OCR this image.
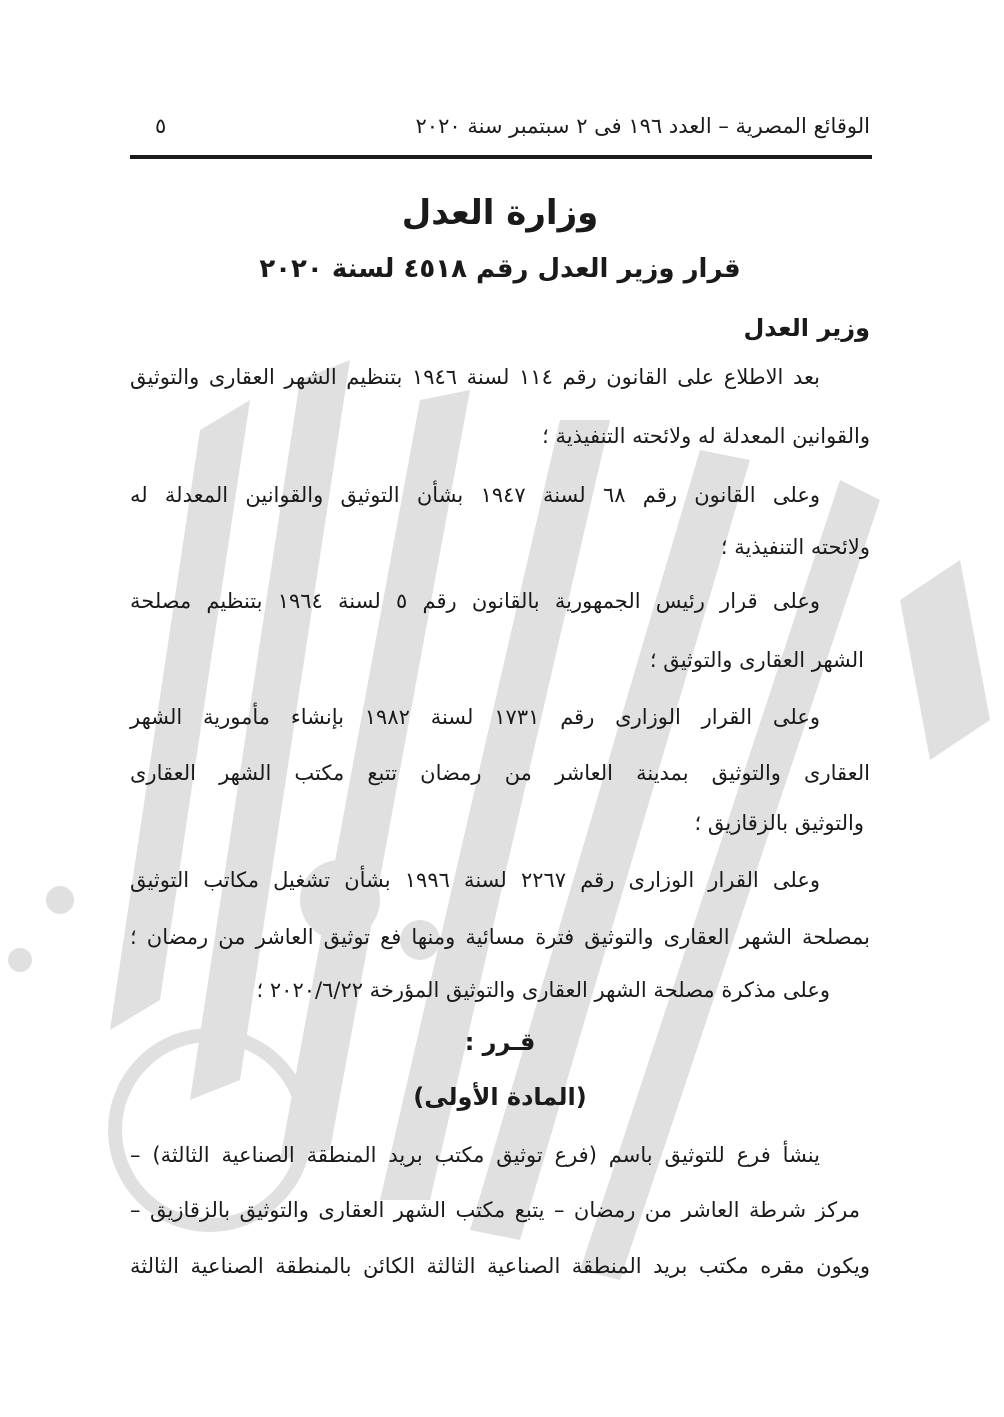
الوقائع المصرية – العدد ١٩٦ فى ٢ سبتمبر سنة ٢٠٢٠
٥
وزارة العدل
قرار وزير العدل رقم ٤٥١٨ لسنة ٢٠٢٠
وزير العدل
بعد الاطلاع على القانون رقم ١١٤ لسنة ١٩٤٦ بتنظيم الشهر العقارى والتوثيق
والقوانين المعدلة له ولائحته التنفيذية ؛
وعلى القانون رقم ٦٨ لسنة ١٩٤٧ بشأن التوثيق والقوانين المعدلة له
ولائحته التنفيذية ؛
وعلى قرار رئيس الجمهورية بالقانون رقم ٥ لسنة ١٩٦٤ بتنظيم مصلحة
الشهر العقارى والتوثيق ؛
وعلى القرار الوزارى رقم ١٧٣١ لسنة ١٩٨٢ بإنشاء مأمورية الشهر
العقارى والتوثيق بمدينة العاشر من رمضان تتبع مكتب الشهر العقارى
والتوثيق بالزقازيق ؛
وعلى القرار الوزارى رقم ٢٢٦٧ لسنة ١٩٩٦ بشأن تشغيل مكاتب التوثيق
بمصلحة الشهر العقارى والتوثيق فترة مسائية ومنها فع توثيق العاشر من رمضان ؛
وعلى مذكرة مصلحة الشهر العقارى والتوثيق المؤرخة ٢٠٢٠/٦/٢٢ ؛
قـرر :
(المادة الأولى)
ينشأ فرع للتوثيق باسم (فرع توثيق مكتب بريد المنطقة الصناعية الثالثة) –
مركز شرطة العاشر من رمضان – يتبع مكتب الشهر العقارى والتوثيق بالزقازيق –
ويكون مقره مكتب بريد المنطقة الصناعية الثالثة الكائن بالمنطقة الصناعية الثالثة
